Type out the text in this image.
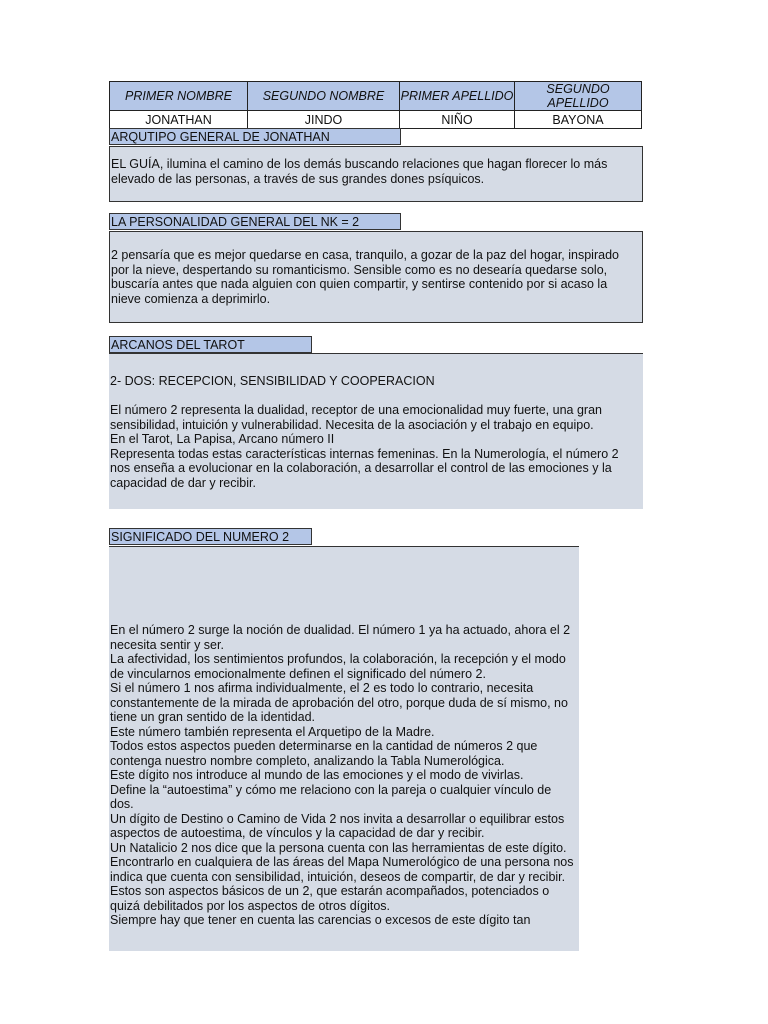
PRIMER NOMBRE	SEGUNDO NOMBRE	PRIMER APELLIDO	SEGUNDO APELLIDO
JONATHAN	JINDO	NIÑO	BAYONA
ARQUTIPO GENERAL DE JONATHAN
EL GUÍA, ilumina el camino de los demás buscando relaciones que hagan florecer lo más elevado de las personas, a través de sus grandes dones psíquicos.
LA PERSONALIDAD GENERAL DEL NK = 2
2 pensaría que es mejor quedarse en casa, tranquilo, a gozar de la paz del hogar, inspirado por la nieve, despertando su romanticismo. Sensible como es no desearía quedarse solo, buscaría antes que nada alguien con quien compartir, y sentirse contenido por si acaso la nieve comienza a deprimirlo.
ARCANOS DEL TAROT
2- DOS: RECEPCION, SENSIBILIDAD Y COOPERACION

El número 2 representa la dualidad, receptor de una emocionalidad muy fuerte, una gran sensibilidad, intuición y vulnerabilidad. Necesita de la asociación y el trabajo en equipo.
En el Tarot, La Papisa, Arcano número II
Representa todas estas características internas femeninas. En la Numerología, el número 2 nos enseña a evolucionar en la colaboración, a desarrollar el control de las emociones y la capacidad de dar y recibir.
SIGNIFICADO DEL NUMERO 2
En el número 2 surge la noción de dualidad. El número 1 ya ha actuado, ahora el 2 necesita sentir y ser.
La afectividad, los sentimientos profundos, la colaboración, la recepción y el modo de vincularnos emocionalmente definen el significado del número 2.
Si el número 1 nos afirma individualmente, el 2 es todo lo contrario, necesita constantemente de la mirada de aprobación del otro, porque duda de sí mismo, no tiene un gran sentido de la identidad.
Este número también representa el Arquetipo de la Madre.
Todos estos aspectos pueden determinarse en la cantidad de números 2 que contenga nuestro nombre completo, analizando la Tabla Numerológica.
Este dígito nos introduce al mundo de las emociones y el modo de vivirlas.
Define la “autoestima” y cómo me relaciono con la pareja o cualquier vínculo de dos.
Un dígito de Destino o Camino de Vida 2 nos invita a desarrollar o equilibrar estos aspectos de autoestima, de vínculos y la capacidad de dar y recibir.
Un Natalicio 2 nos dice que la persona cuenta con las herramientas de este dígito.
Encontrarlo en cualquiera de las áreas del Mapa Numerológico de una persona nos indica que cuenta con sensibilidad, intuición, deseos de compartir, de dar y recibir.
Estos son aspectos básicos de un 2, que estarán acompañados, potenciados o quizá debilitados por los aspectos de otros dígitos.
Siempre hay que tener en cuenta las carencias o excesos de este dígito tan
